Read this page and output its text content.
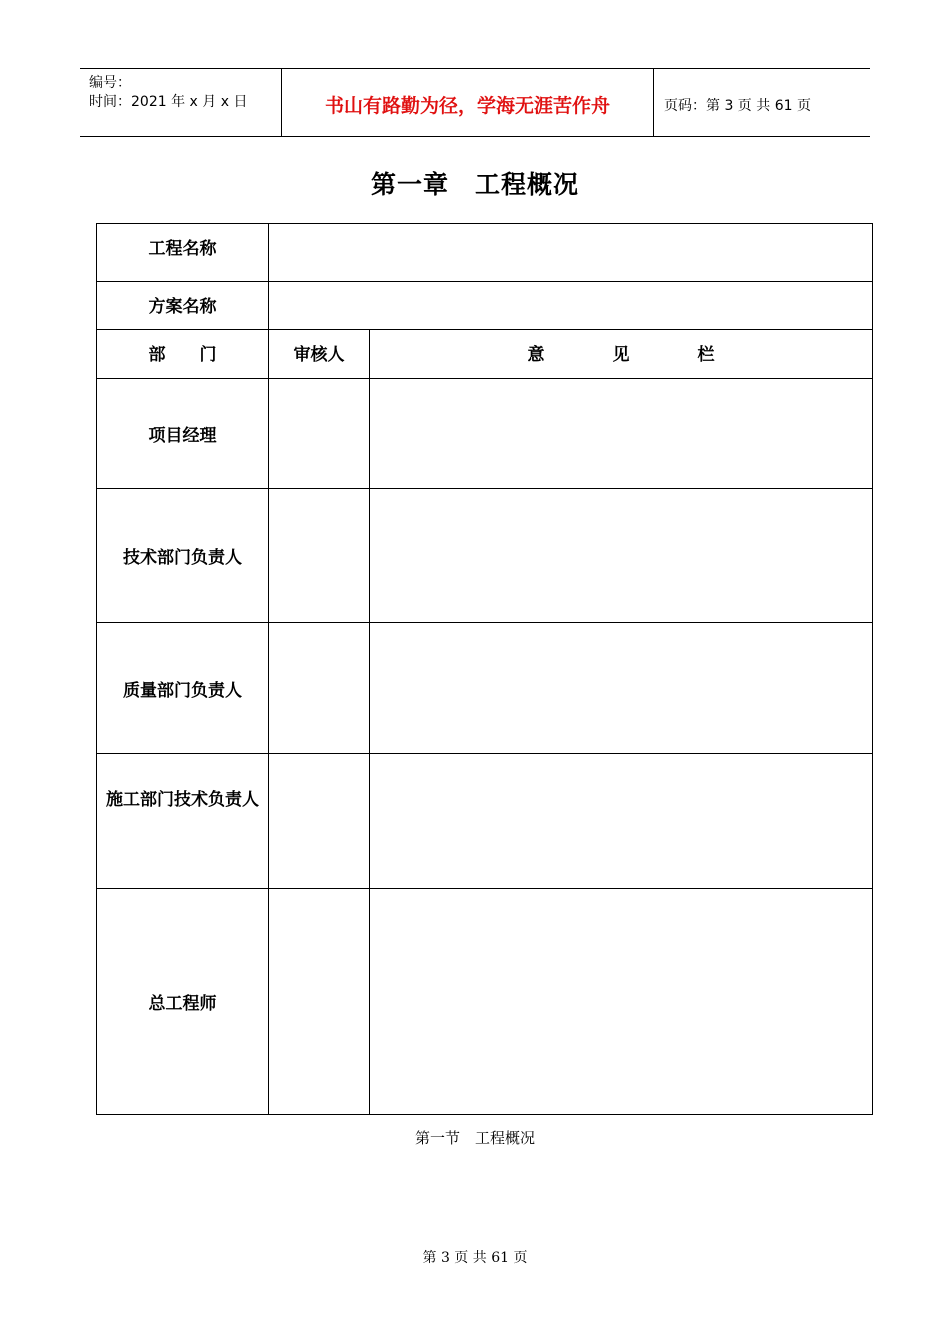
编号：
时间：2021 年 x 月 x 日	书山有路勤为径，学海无涯苦作舟	页码：第 3 页 共 61 页
第一章　工程概况
工程名称		
方案名称		
部　　门	审核人	意　　　　见　　　　栏
项目经理		
技术部门负责人		
质量部门负责人		
施工部门技术负责人		
总工程师		
第一节　工程概况
第 3 页 共 61 页
